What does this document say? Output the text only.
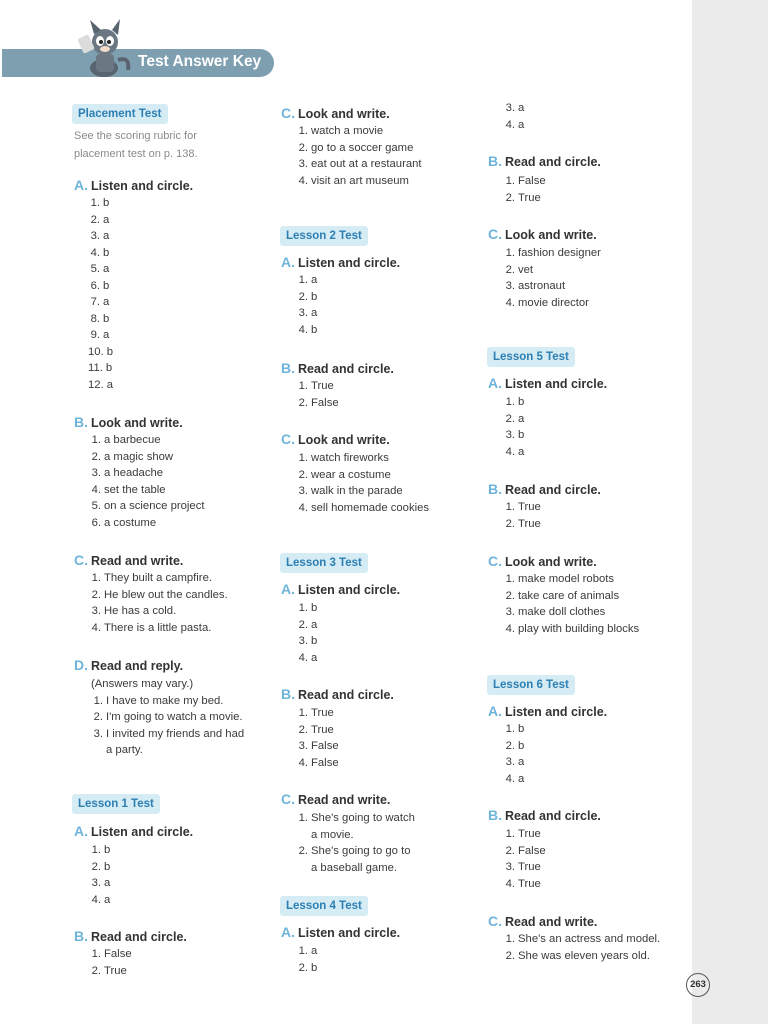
Test Answer Key
Placement Test
See the scoring rubric for
placement test on p. 138.
A. Listen and circle.
1. b
2. a
3. a
4. b
5. a
6. b
7. a
8. b
9. a
10. b
11. b
12. a
B. Look and write.
1. a barbecue
2. a magic show
3. a headache
4. set the table
5. on a science project
6. a costume
C. Read and write.
1. They built a campfire.
2. He blew out the candles.
3. He has a cold.
4. There is a little pasta.
D. Read and reply.
(Answers may vary.)
1. I have to make my bed.
2. I'm going to watch a movie.
3. I invited my friends and had
a party.
Lesson 1 Test
A. Listen and circle.
1. b
2. b
3. a
4. a
B. Read and circle.
1. False
2. True
C. Look and write.
1. watch a movie
2. go to a soccer game
3. eat out at a restaurant
4. visit an art museum
Lesson 2 Test
A. Listen and circle.
1. a
2. b
3. a
4. b
B. Read and circle.
1. True
2. False
C. Look and write.
1. watch fireworks
2. wear a costume
3. walk in the parade
4. sell homemade cookies
Lesson 3 Test
A. Listen and circle.
1. b
2. a
3. b
4. a
B. Read and circle.
1. True
2. True
3. False
4. False
C. Read and write.
1. She's going to watch
a movie.
2. She's going to go to
a baseball game.
Lesson 4 Test
A. Listen and circle.
1. a
2. b
3. a
4. a
B. Read and circle.
1. False
2. True
C. Look and write.
1. fashion designer
2. vet
3. astronaut
4. movie director
Lesson 5 Test
A. Listen and circle.
1. b
2. a
3. b
4. a
B. Read and circle.
1. True
2. True
C. Look and write.
1. make model robots
2. take care of animals
3. make doll clothes
4. play with building blocks
Lesson 6 Test
A. Listen and circle.
1. b
2. b
3. a
4. a
B. Read and circle.
1. True
2. False
3. True
4. True
C. Read and write.
1. She's an actress and model.
2. She was eleven years old.
263
